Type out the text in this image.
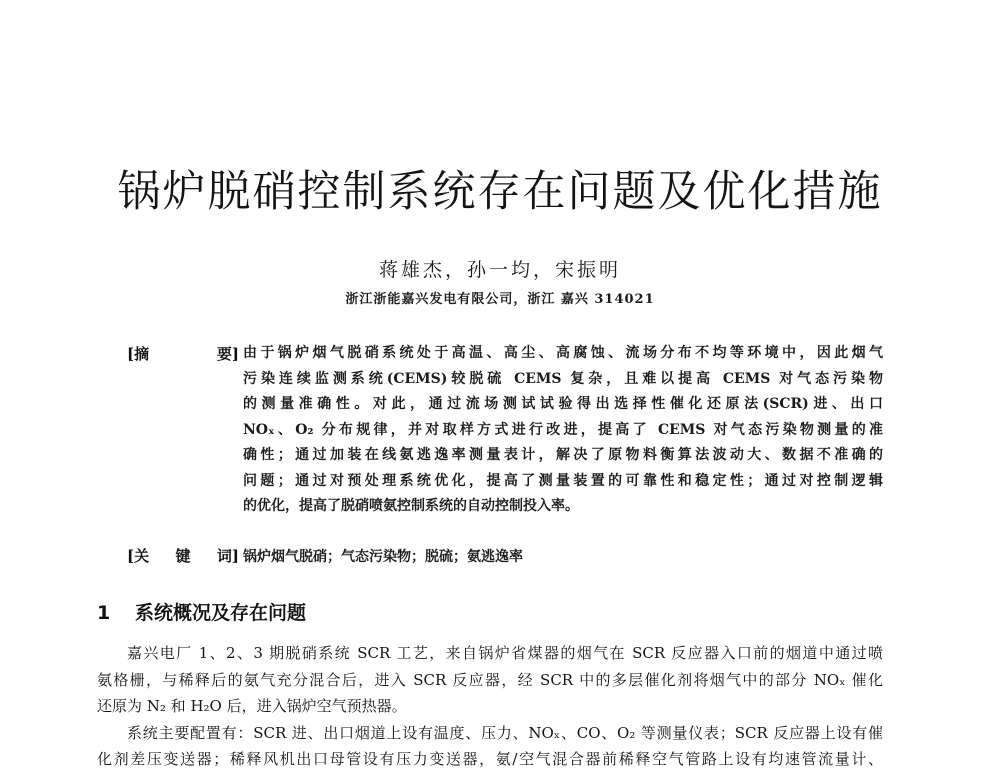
锅炉脱硝控制系统存在问题及优化措施
蒋雄杰，孙一均，宋振明
浙江浙能嘉兴发电有限公司，浙江 嘉兴 314021
[摘	要] 由于锅炉烟气脱硝系统处于高温、高尘、高腐蚀、流场分布不均等环境中，因此烟气
污染连续监测系统(CEMS)较脱硫 CEMS 复杂，且难以提高 CEMS 对气态污染物
的测量准确性。对此，通过流场测试试验得出选择性催化还原法(SCR)进、出口
NOₓ、O₂ 分布规律，并对取样方式进行改进，提高了 CEMS 对气态污染物测量的准
确性；通过加装在线氨逃逸率测量表计，解决了原物料衡算法波动大、数据不准确的
问题；通过对预处理系统优化，提高了测量装置的可靠性和稳定性；通过对控制逻辑
的优化，提高了脱硝喷氨控制系统的自动控制投入率。
[关 键 词] 锅炉烟气脱硝；气态污染物；脱硫；氨逃逸率
1 系统概况及存在问题
嘉兴电厂 1、2、3 期脱硝系统 SCR 工艺，来自锅炉省煤器的烟气在 SCR 反应器入口前的烟道中通过喷
氨格栅，与稀释后的氨气充分混合后，进入 SCR 反应器，经 SCR 中的多层催化剂将烟气中的部分 NOₓ 催化
还原为 N₂ 和 H₂O 后，进入锅炉空气预热器。
系统主要配置有：SCR 进、出口烟道上设有温度、压力、NOₓ、CO、O₂ 等测量仪表；SCR 反应器上设有催
化剂差压变送器；稀释风机出口母管设有压力变送器，氨/空气混合器前稀释空气管路上设有均速管流量计、
